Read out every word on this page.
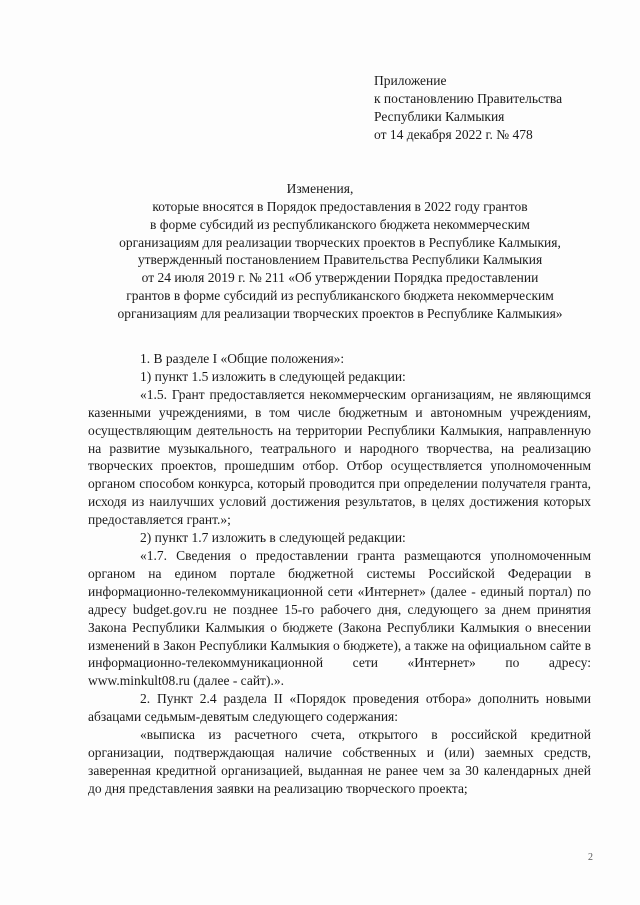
Приложение
к постановлению Правительства
Республики Калмыкия
от 14 декабря 2022 г. № 478
Изменения,
которые вносятся в Порядок предоставления в 2022 году грантов
в форме субсидий из республиканского бюджета некоммерческим
организациям для реализации творческих проектов в Республике Калмыкия,
утвержденный постановлением Правительства Республики Калмыкия
от 24 июля 2019 г. № 211 «Об утверждении Порядка предоставлении
грантов в форме субсидий из республиканского бюджета некоммерческим
организациям для реализации творческих проектов в Республике Калмыкия»

1. В разделе I «Общие положения»:

1) пункт 1.5 изложить в следующей редакции:

«1.5. Грант предоставляется некоммерческим организациям, не являющимся казенными учреждениями, в том числе бюджетным и автономным учреждениям, осуществляющим деятельность на территории Республики Калмыкия, направленную на развитие музыкального, театрального и народного творчества, на реализацию творческих проектов, прошедшим отбор. Отбор осуществляется уполномоченным органом способом конкурса, который проводится при определении получателя гранта, исходя из наилучших условий достижения результатов, в целях достижения которых предоставляется грант.»;

2) пункт 1.7 изложить в следующей редакции:

«1.7. Сведения о предоставлении гранта размещаются уполномоченным органом на едином портале бюджетной системы Российской Федерации в информационно-телекоммуникационной сети «Интернет» (далее - единый портал) по адресу budget.gov.ru не позднее 15-го рабочего дня, следующего за днем принятия Закона Республики Калмыкия о бюджете (Закона Республики Калмыкия о внесении изменений в Закон Республики Калмыкия о бюджете), а также на официальном сайте в информационно-телекоммуникационной сети «Интернет» по адресу: www.minkult08.ru (далее - сайт).».

2. Пункт 2.4 раздела II «Порядок проведения отбора» дополнить новыми абзацами седьмым-девятым следующего содержания:

«выписка из расчетного счета, открытого в российской кредитной организации, подтверждающая наличие собственных и (или) заемных средств, заверенная кредитной организацией, выданная не ранее чем за 30 календарных дней до дня представления заявки на реализацию творческого проекта;

2
